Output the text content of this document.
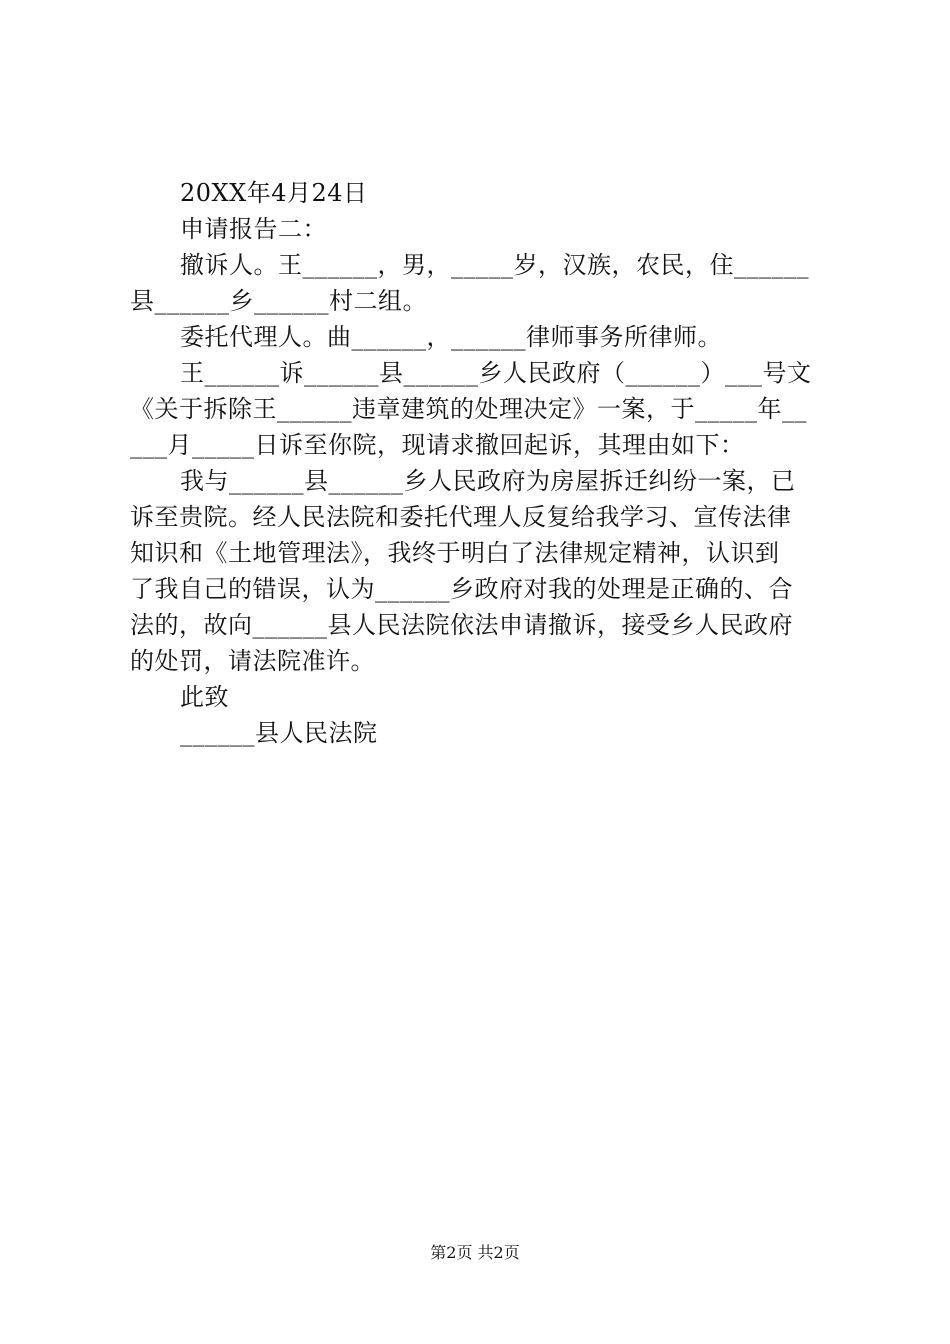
20XX年4月24日
申请报告二：
撤诉人。王______，男，_____岁，汉族，农民，住______
县______乡______村二组。
委托代理人。曲______，______律师事务所律师。
王______诉______县______乡人民政府（______）___号文
《关于拆除王______违章建筑的处理决定》一案，于_____年__
___月_____日诉至你院，现请求撤回起诉，其理由如下：
我与______县______乡人民政府为房屋拆迁纠纷一案，已
诉至贵院。经人民法院和委托代理人反复给我学习、宣传法律
知识和《土地管理法》，我终于明白了法律规定精神，认识到
了我自己的错误，认为______乡政府对我的处理是正确的、合
法的，故向______县人民法院依法申请撤诉，接受乡人民政府
的处罚，请法院准许。
此致
______县人民法院
第2页 共2页
